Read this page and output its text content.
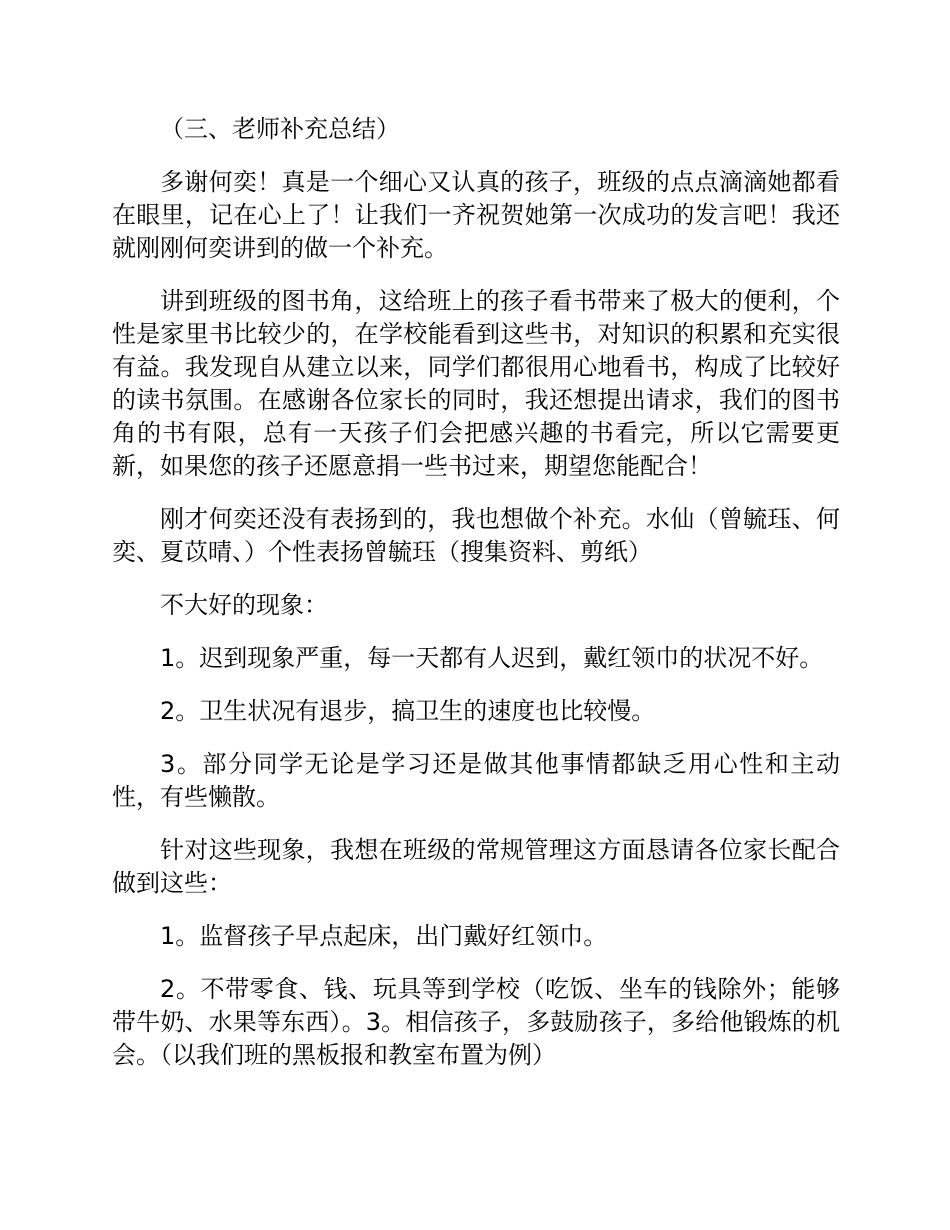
（三、老师补充总结）

多谢何奕！真是一个细心又认真的孩子，班级的点点滴滴她都看在眼里，记在心上了！让我们一齐祝贺她第一次成功的发言吧！我还就刚刚何奕讲到的做一个补充。

讲到班级的图书角，这给班上的孩子看书带来了极大的便利，个性是家里书比较少的，在学校能看到这些书，对知识的积累和充实很有益。我发现自从建立以来，同学们都很用心地看书，构成了比较好的读书氛围。在感谢各位家长的同时，我还想提出请求，我们的图书角的书有限，总有一天孩子们会把感兴趣的书看完，所以它需要更新，如果您的孩子还愿意捐一些书过来，期望您能配合！

刚才何奕还没有表扬到的，我也想做个补充。水仙（曾毓珏、何奕、夏苡晴、）个性表扬曾毓珏（搜集资料、剪纸）

不大好的现象：

1。迟到现象严重，每一天都有人迟到，戴红领巾的状况不好。

2。卫生状况有退步，搞卫生的速度也比较慢。

3。部分同学无论是学习还是做其他事情都缺乏用心性和主动性，有些懒散。

针对这些现象，我想在班级的常规管理这方面恳请各位家长配合做到这些：

1。监督孩子早点起床，出门戴好红领巾。

2。不带零食、钱、玩具等到学校（吃饭、坐车的钱除外；能够带牛奶、水果等东西）。3。相信孩子，多鼓励孩子，多给他锻炼的机会。（以我们班的黑板报和教室布置为例）
